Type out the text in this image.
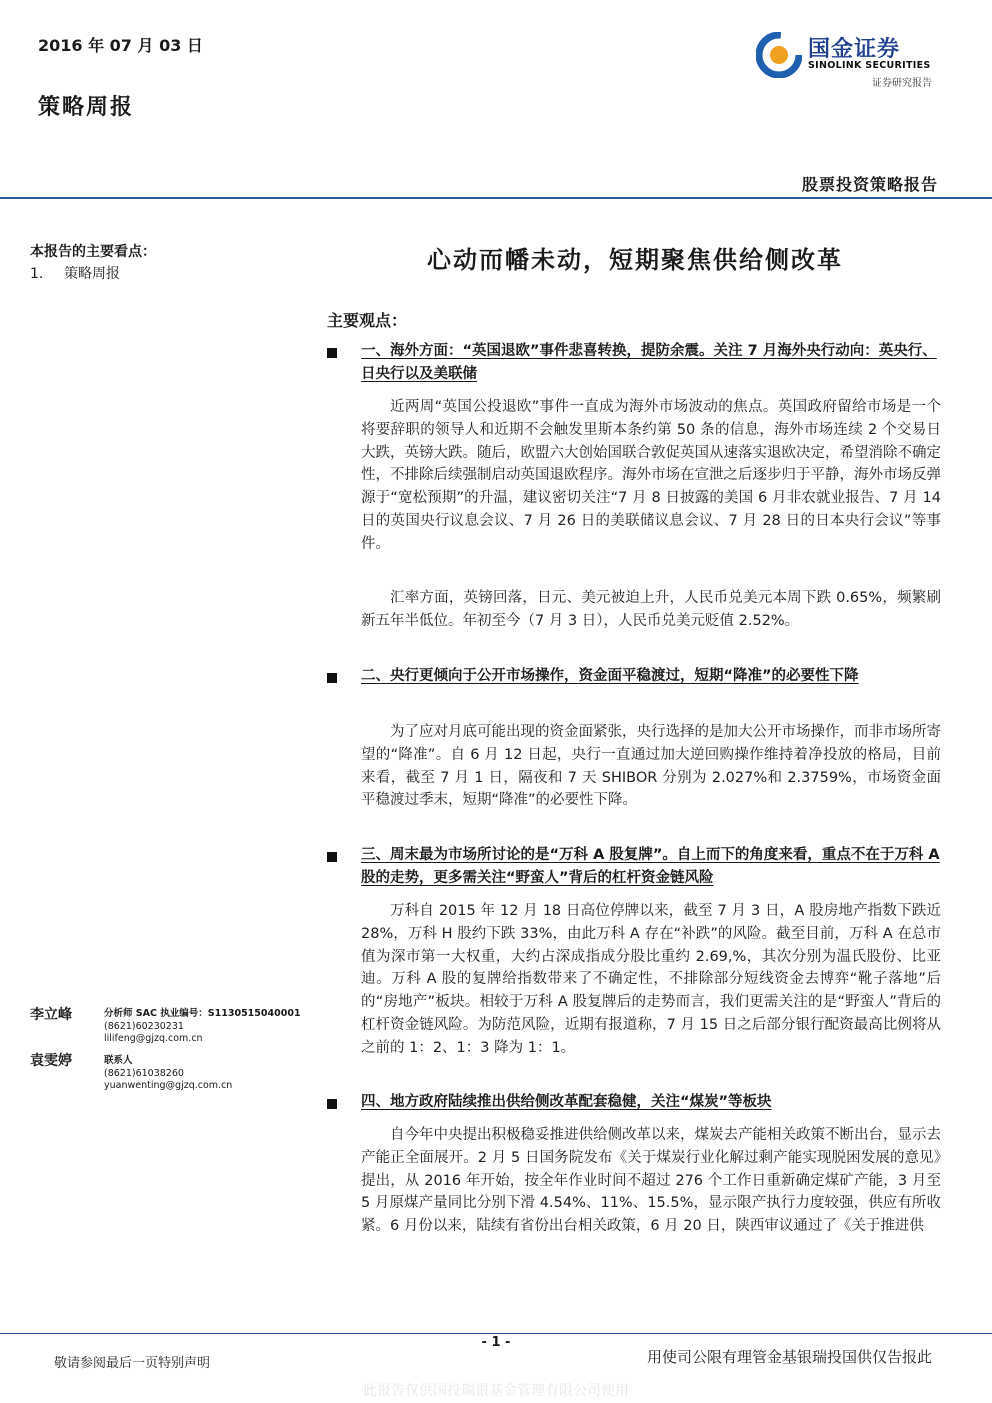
2016 年 07 月 03 日
策略周报
国金证券
SINOLINK SECURITIES
证券研究报告
股票投资策略报告
本报告的主要看点：
1. 策略周报	心动而幡未动，短期聚焦供给侧改革
主要观点：
一、海外方面：“英国退欧”事件悲喜转换，提防余震。关注 7 月海外央行动向：英央行、日央行以及美联储
近两周“英国公投退欧”事件一直成为海外市场波动的焦点。英国政府留给市场是一个将要辞职的领导人和近期不会触发里斯本条约第 50 条的信息，海外市场连续 2 个交易日大跌，英镑大跌。随后，欧盟六大创始国联合敦促英国从速落实退欧决定，希望消除不确定性，不排除后续强制启动英国退欧程序。海外市场在宣泄之后逐步归于平静，海外市场反弹源于“宽松预期”的升温，建议密切关注“7 月 8 日披露的美国 6 月非农就业报告、7 月 14 日的英国央行议息会议、7 月 26 日的美联储议息会议、7 月 28 日的日本央行会议”等事件。
汇率方面，英镑回落，日元、美元被迫上升，人民币兑美元本周下跌 0.65%，频繁刷新五年半低位。年初至今（7 月 3 日），人民币兑美元贬值 2.52%。
二、央行更倾向于公开市场操作，资金面平稳渡过，短期“降准”的必要性下降
为了应对月底可能出现的资金面紧张，央行选择的是加大公开市场操作，而非市场所寄望的“降准”。自 6 月 12 日起，央行一直通过加大逆回购操作维持着净投放的格局，目前来看，截至 7 月 1 日，隔夜和 7 天 SHIBOR 分别为 2.027%和 2.3759%，市场资金面平稳渡过季末，短期“降准”的必要性下降。
三、周末最为市场所讨论的是“万科 A 股复牌”。自上而下的角度来看，重点不在于万科 A 股的走势，更多需关注“野蛮人”背后的杠杆资金链风险
万科自 2015 年 12 月 18 日高位停牌以来，截至 7 月 3 日，A 股房地产指数下跌近 28%，万科 H 股约下跌 33%，由此万科 A 存在“补跌”的风险。截至目前，万科 A 在总市值为深市第一大权重，大约占深成指成分股比重约 2.69,%，其次分别为温氏股份、比亚迪。万科 A 股的复牌给指数带来了不确定性，不排除部分短线资金去博弈“靴子落地”后的“房地产”板块。相较于万科 A 股复牌后的走势而言，我们更需关注的是“野蛮人”背后的杠杆资金链风险。为防范风险，近期有报道称，7 月 15 日之后部分银行配资最高比例将从之前的 1：2、1：3 降为 1：1。
四、地方政府陆续推出供给侧改革配套稳健，关注“煤炭”等板块
自今年中央提出积极稳妥推进供给侧改革以来，煤炭去产能相关政策不断出台，显示去产能正全面展开。2 月 5 日国务院发布《关于煤炭行业化解过剩产能实现脱困发展的意见》提出，从 2016 年开始，按全年作业时间不超过 276 个工作日重新确定煤矿产能，3 月至 5 月原煤产量同比分别下滑 4.54%、11%、15.5%，显示限产执行力度较强，供应有所收紧。6 月份以来，陆续有省份出台相关政策，6 月 20 日，陕西审议通过了《关于推进供
李立峰	分析师 SAC 执业编号：S1130515040001
(8621)60230231
lilifeng@gjzq.com.cn
袁雯婷	联系人
(8621)61038260
yuanwenting@gjzq.com.cn
- 1 -
敬请参阅最后一页特别声明	用使司公限有理管金基银瑞投国供仅告报此
此报告仅供国投瑞银基金管理有限公司使用
